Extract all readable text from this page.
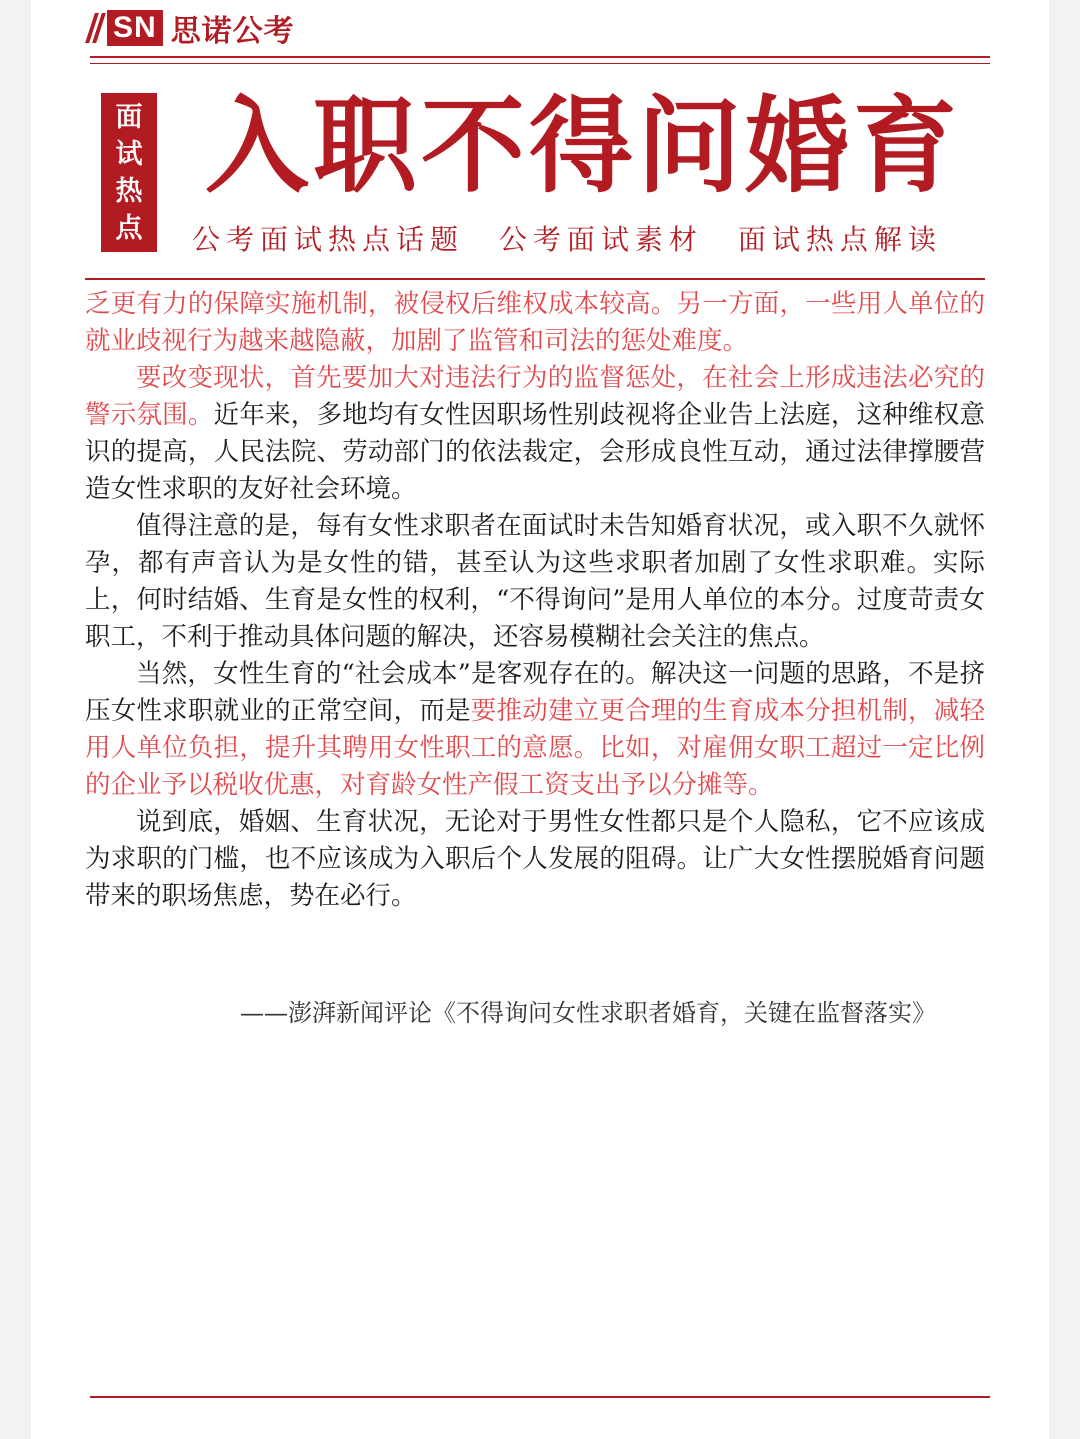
SN 思诺公考
面
试
热
点
入职不得问婚育
公考面试热点话题 公考面试素材 面试热点解读

乏更有力的保障实施机制，被侵权后维权成本较高。另一方面，一些用人单位的就业歧视行为越来越隐蔽，加剧了监管和司法的惩处难度。

要改变现状，首先要加大对违法行为的监督惩处，在社会上形成违法必究的警示氛围。近年来，多地均有女性因职场性别歧视将企业告上法庭，这种维权意识的提高，人民法院、劳动部门的依法裁定，会形成良性互动，通过法律撑腰营造女性求职的友好社会环境。

值得注意的是，每有女性求职者在面试时未告知婚育状况，或入职不久就怀孕，都有声音认为是女性的错，甚至认为这些求职者加剧了女性求职难。实际上，何时结婚、生育是女性的权利，“不得询问”是用人单位的本分。过度苛责女职工，不利于推动具体问题的解决，还容易模糊社会关注的焦点。

当然，女性生育的“社会成本”是客观存在的。解决这一问题的思路，不是挤压女性求职就业的正常空间，而是要推动建立更合理的生育成本分担机制，减轻用人单位负担，提升其聘用女性职工的意愿。比如，对雇佣女职工超过一定比例的企业予以税收优惠，对育龄女性产假工资支出予以分摊等。

说到底，婚姻、生育状况，无论对于男性女性都只是个人隐私，它不应该成为求职的门槛，也不应该成为入职后个人发展的阻碍。让广大女性摆脱婚育问题带来的职场焦虑，势在必行。

——澎湃新闻评论《不得询问女性求职者婚育，关键在监督落实》
